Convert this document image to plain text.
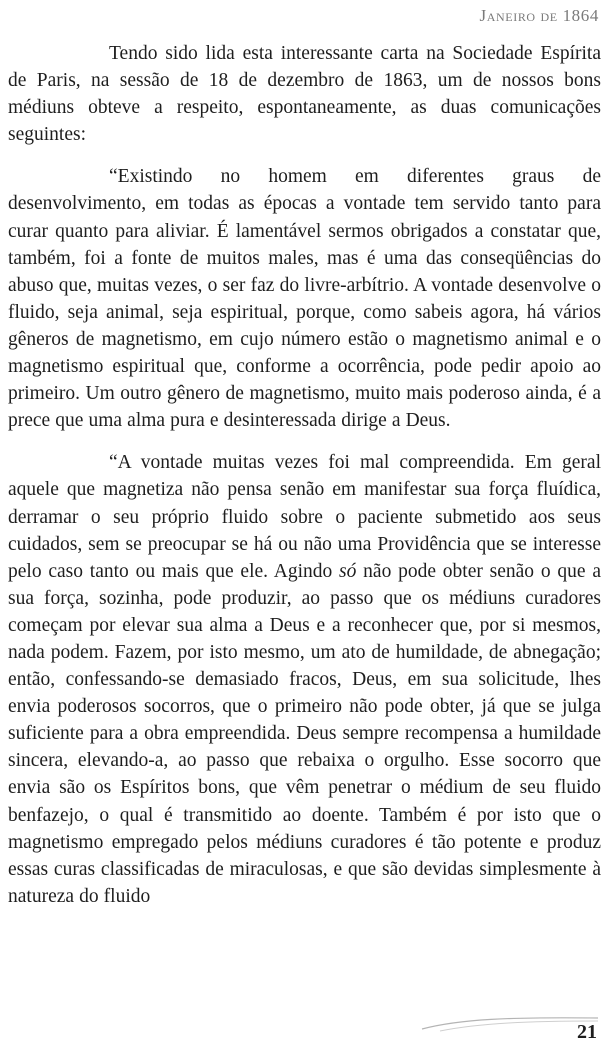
Janeiro de 1864

Tendo sido lida esta interessante carta na Sociedade Espírita de Paris, na sessão de 18 de dezembro de 1863, um de nossos bons médiuns obteve a respeito, espontaneamente, as duas comunicações seguintes:

“Existindo no homem em diferentes graus de desenvolvimento, em todas as épocas a vontade tem servido tanto para curar quanto para aliviar. É lamentável sermos obrigados a constatar que, também, foi a fonte de muitos males, mas é uma das conseqüências do abuso que, muitas vezes, o ser faz do livre-arbítrio. A vontade desenvolve o fluido, seja animal, seja espiritual, porque, como sabeis agora, há vários gêneros de magnetismo, em cujo número estão o magnetismo animal e o magnetismo espiritual que, conforme a ocorrência, pode pedir apoio ao primeiro. Um outro gênero de magnetismo, muito mais poderoso ainda, é a prece que uma alma pura e desinteressada dirige a Deus.

“A vontade muitas vezes foi mal compreendida. Em geral aquele que magnetiza não pensa senão em manifestar sua força fluídica, derramar o seu próprio fluido sobre o paciente submetido aos seus cuidados, sem se preocupar se há ou não uma Providência que se interesse pelo caso tanto ou mais que ele. Agindo só não pode obter senão o que a sua força, sozinha, pode produzir, ao passo que os médiuns curadores começam por elevar sua alma a Deus e a reconhecer que, por si mesmos, nada podem. Fazem, por isto mesmo, um ato de humildade, de abnegação; então, confessando-se demasiado fracos, Deus, em sua solicitude, lhes envia poderosos socorros, que o primeiro não pode obter, já que se julga suficiente para a obra empreendida. Deus sempre recompensa a humildade sincera, elevando-a, ao passo que rebaixa o orgulho. Esse socorro que envia são os Espíritos bons, que vêm penetrar o médium de seu fluido benfazejo, o qual é transmitido ao doente. Também é por isto que o magnetismo empregado pelos médiuns curadores é tão potente e produz essas curas classificadas de miraculosas, e que são devidas simplesmente à natureza do fluido

21
